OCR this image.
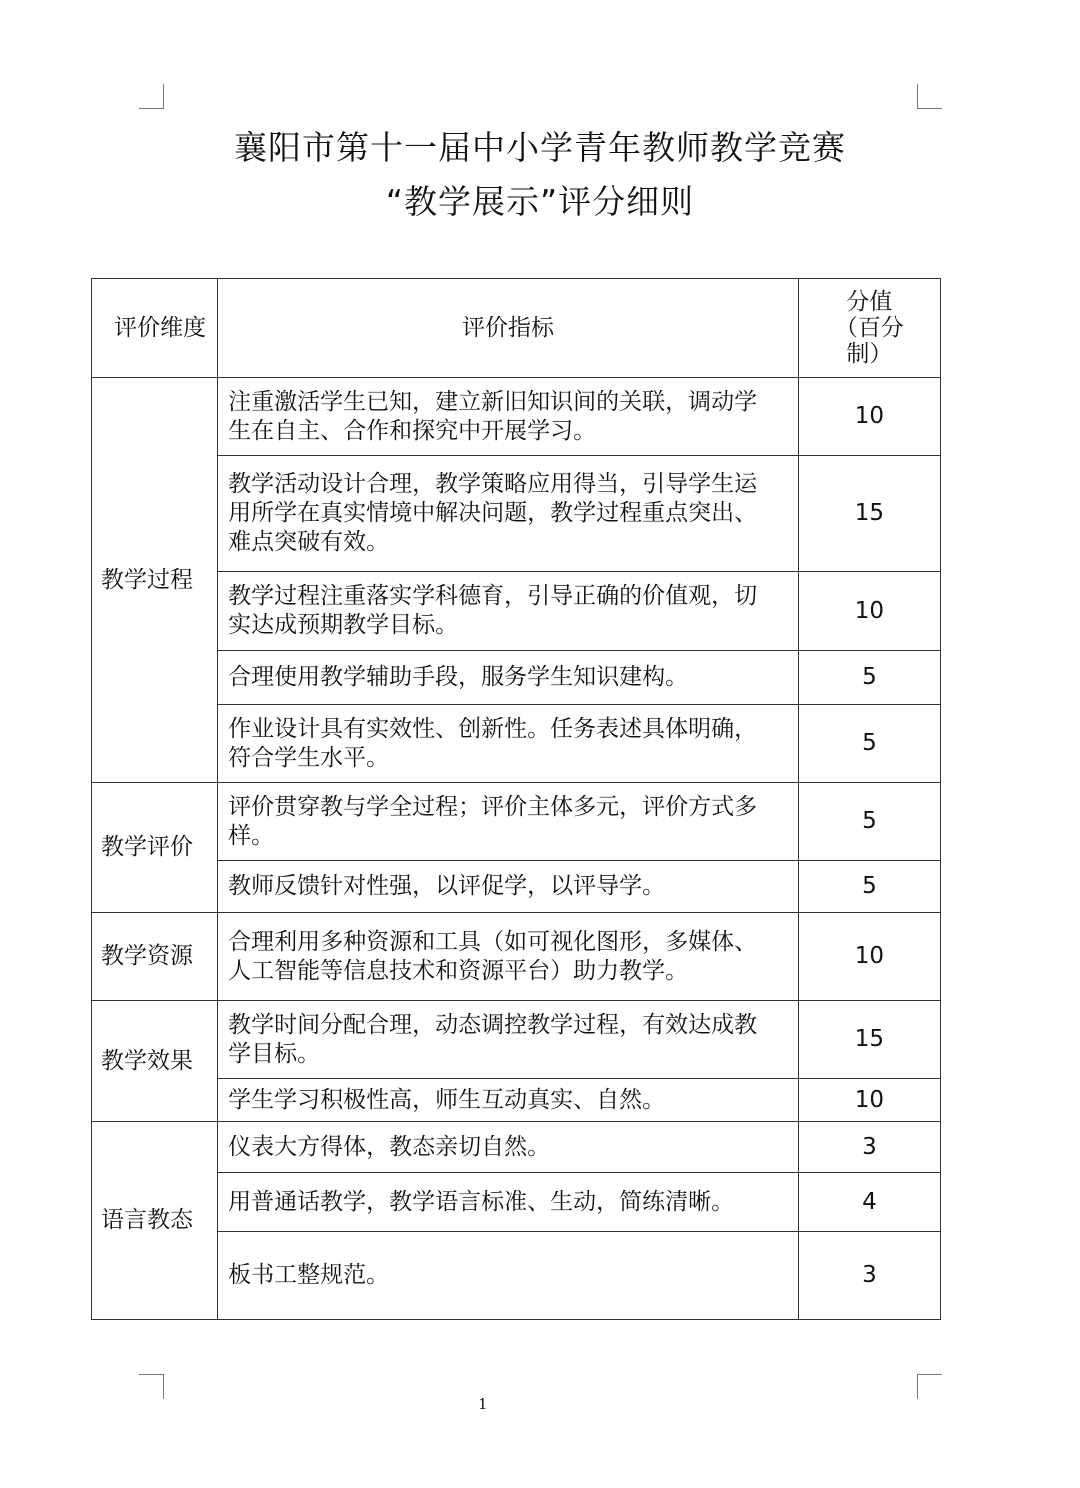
襄阳市第十一届中小学青年教师教学竞赛
“教学展示”评分细则
评价维度	评价指标	分值（百分制）

教学过程	注重激活学生已知，建立新旧知识间的关联，调动学生在自主、合作和探究中开展学习。	10
	教学活动设计合理，教学策略应用得当，引导学生运用所学在真实情境中解决问题，教学过程重点突出、难点突破有效。	15
	教学过程注重落实学科德育，引导正确的价值观，切实达成预期教学目标。	10
	合理使用教学辅助手段，服务学生知识建构。	5
	作业设计具有实效性、创新性。任务表述具体明确，符合学生水平。	5
教学评价	评价贯穿教与学全过程；评价主体多元，评价方式多样。	5
	教师反馈针对性强，以评促学，以评导学。	5
教学资源	合理利用多种资源和工具（如可视化图形，多媒体、人工智能等信息技术和资源平台）助力教学。	10
教学效果	教学时间分配合理，动态调控教学过程，有效达成教学目标。	15
	学生学习积极性高，师生互动真实、自然。	10
语言教态	仪表大方得体，教态亲切自然。	3
	用普通话教学，教学语言标准、生动，简练清晰。	4
	板书工整规范。	3
1
